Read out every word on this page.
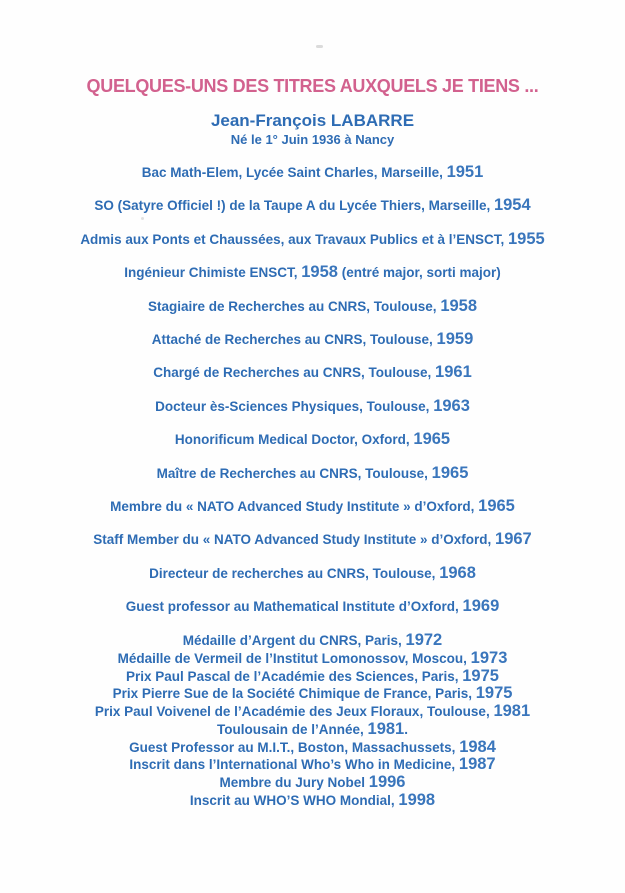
QUELQUES-UNS DES TITRES AUXQUELS JE TIENS ...
Jean-François LABARRE
Né le 1° Juin 1936 à Nancy
Bac Math-Elem, Lycée Saint Charles, Marseille, 1951
SO (Satyre Officiel !) de la Taupe A du Lycée Thiers, Marseille, 1954
Admis aux Ponts et Chaussées, aux Travaux Publics et à l’ENSCT, 1955
Ingénieur Chimiste ENSCT, 1958 (entré major, sorti major)
Stagiaire de Recherches au CNRS, Toulouse, 1958
Attaché de Recherches au CNRS, Toulouse, 1959
Chargé de Recherches au CNRS, Toulouse, 1961
Docteur ès-Sciences Physiques, Toulouse, 1963
Honorificum Medical Doctor, Oxford, 1965
Maître de Recherches au CNRS, Toulouse, 1965
Membre du « NATO Advanced Study Institute » d’Oxford, 1965
Staff Member du « NATO Advanced Study Institute » d’Oxford, 1967
Directeur de recherches au CNRS, Toulouse, 1968
Guest professor au Mathematical Institute d’Oxford, 1969
Médaille d’Argent du CNRS, Paris, 1972
Médaille de Vermeil de l’Institut Lomonossov, Moscou, 1973
Prix Paul Pascal de l’Académie des Sciences, Paris, 1975
Prix Pierre Sue de la Société Chimique de France, Paris, 1975
Prix Paul Voivenel de l’Académie des Jeux Floraux, Toulouse, 1981
Toulousain de l’Année, 1981.
Guest Professor au M.I.T., Boston, Massachussets, 1984
Inscrit dans l’International Who’s Who in Medicine, 1987
Membre du Jury Nobel 1996
Inscrit au WHO’S WHO Mondial, 1998
